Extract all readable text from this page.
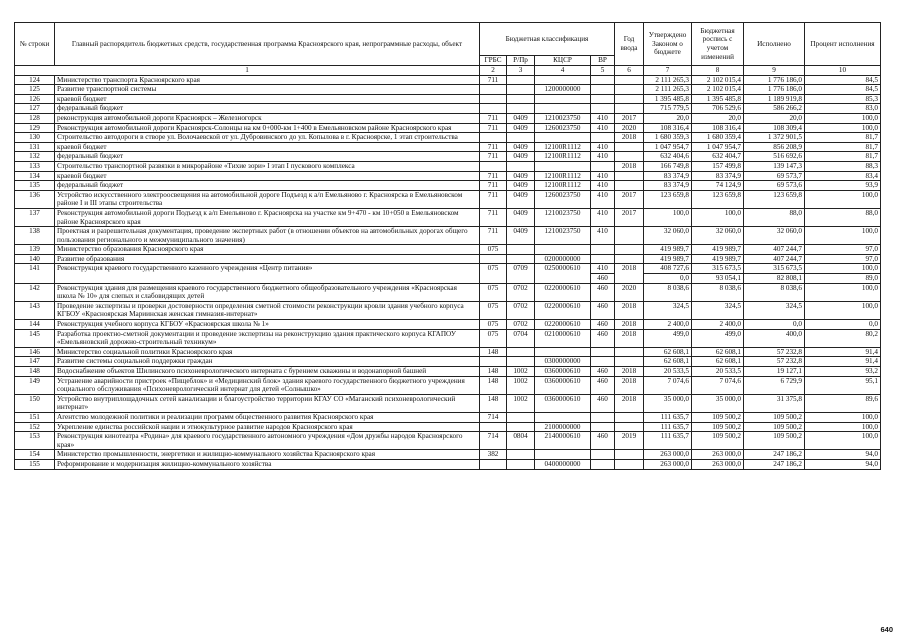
№ строки	Главный распорядитель бюджетных средств, государственная программа Красноярского края, непрограммные расходы, объект	Бюджетная классификация				Год ввода	Утверждено Законом о бюджете	Бюджетная роспись с учетом изменений	Исполнено	Процент исполнения
		ГРБС	Р/Пр	КЦСР	ВР					
1		2	3	4	5	6	7	8	9	10
124	Министерство транспорта Красноярского края	711					2 111 265,3	2 102 015,4	1 776 186,0	84,5
125	Развитие транспортной системы			1200000000			2 111 265,3	2 102 015,4	1 776 186,0	84,5
126	краевой бюджет						1 395 485,8	1 395 485,8	1 189 919,8	85,3
127	федеральный бюджет						715 779,5	706 529,6	586 266,2	83,0
128	реконструкция автомобильной дороги Красноярск – Железногорск	711	0409	1210023750	410	2017	20,0	20,0	20,0	100,0
129	Реконструкция автомобильной дороги Красноярск-Солонцы на км 0+000-км 1+400 в Емельяновском районе Красноярского края	711	0409	1260023750	410	2020	108 316,4	108 316,4	108 309,4	100,0
130	Строительство автодороги в створе ул. Волочаевской от ул. Дубровинского до ул. Копылова в г. Красноярске, 1 этап строительства					2018	1 680 359,3	1 680 359,4	1 372 901,5	81,7
131	краевой бюджет	711	0409	12100R1112	410		1 047 954,7	1 047 954,7	856 208,9	81,7
132	федеральный бюджет	711	0409	12100R1112	410		632 404,6	632 404,7	516 692,6	81,7
133	Строительство транспортной развязки в микрорайоне «Тихие зори» I этап I пускового комплекса					2018	166 749,8	157 499,8	139 147,3	88,3
134	краевой бюджет	711	0409	12100R1112	410		83 374,9	83 374,9	69 573,7	83,4
135	федеральный бюджет	711	0409	12100R1112	410		83 374,9	74 124,9	69 573,6	93,9
136	Устройство искусственного электроосвещения на автомобильной дороге Подъезд к а/п Емельяново г. Красноярска в Емельяновском районе I и III этапы строительства	711	0409	1260023750	410	2017	123 659,8	123 659,8	123 659,8	100,0
137	Реконструкция автомобильной дороги Подъезд к а/п Емельяново г. Красноярска на участке км 9+470 - км 10+050 в Емельяновском районе Красноярского края	711	0409	1210023750	410	2017	100,0	100,0	88,0	88,0
138	Проектная и разрешительная документация, проведение экспертных работ (в отношении объектов на автомобильных дорогах общего пользования регионального и межмуниципального значения)	711	0409	1210023750	410		32 060,0	32 060,0	32 060,0	100,0
139	Министерство образования Красноярского края	075					419 989,7	419 989,7	407 244,7	97,0
140	Развитие образования			0200000000			419 989,7	419 989,7	407 244,7	97,0
141	Реконструкция краевого государственного казенного учреждения «Центр питания»	075	0709	0250000610	410	2018	408 727,6	315 673,5	315 673,5	100,0
					460		0,0	93 054,1	82 808,1	89,0
142	Реконструкция здания для размещения краевого государственного бюджетного общеобразовательного учреждения «Красноярская школа № 10» для слепых и слабовидящих детей	075	0702	0220000610	460	2020	8 038,6	8 038,6	8 038,6	100,0
143	Проведение экспертизы и проверки достоверности определения сметной стоимости реконструкции кровли здания учебного корпуса КГБОУ «Красноярская Мариинская женская гимназия-интернат»	075	0702	0220000610	460	2018	324,5	324,5	324,5	100,0
144	Реконструкция учебного корпуса КГБОУ «Красноярская школа № 1»	075	0702	0220000610	460	2018	2 400,0	2 400,0	0,0	0,0
145	Разработка проектно-сметной документации и проведение экспертизы на реконструкцию здания практического корпуса КГАПОУ «Емельяновский дорожно-строительный техникум»	075	0704	0210000610	460	2018	499,0	499,0	400,0	80,2
146	Министерство социальной политики Красноярского края	148					62 608,1	62 608,1	57 232,8	91,4
147	Развитие системы социальной поддержки граждан			0300000000			62 608,1	62 608,1	57 232,8	91,4
148	Водоснабжение объектов Шилинского психоневрологического интерната с бурением скважины и водонапорной башней	148	1002	0360000610	460	2018	20 533,5	20 533,5	19 127,1	93,2
149	Устранение аварийности пристроек «Пищеблок» и «Медицинский блок» здания краевого государственного бюджетного учреждения социального обслуживания «Психоневрологический интернат для детей «Солнышко»	148	1002	0360000610	460	2018	7 074,6	7 074,6	6 729,9	95,1
150	Устройство внутриплощадочных сетей канализации и благоустройство территории КГАУ СО «Маганский психоневрологический интернат»	148	1002	0360000610	460	2018	35 000,0	35 000,0	31 375,8	89,6
151	Агентство молодежной политики и реализации программ общественного развития Красноярского края	714					111 635,7	109 500,2	109 500,2	100,0
152	Укрепление единства российской нации и этнокультурное развитие народов Красноярского края			2100000000			111 635,7	109 500,2	109 500,2	100,0
153	Реконструкция кинотеатра «Родина» для краевого государственного автономного учреждения «Дом дружбы народов Красноярского края»	714	0804	2140000610	460	2019	111 635,7	109 500,2	109 500,2	100,0
154	Министерство промышленности, энергетики и жилищно-коммунального хозяйства Красноярского края	382					263 000,0	263 000,0	247 186,2	94,0
155	Реформирование и модернизация жилищно-коммунального хозяйства			0400000000			263 000,0	263 000,0	247 186,2	94,0
640
